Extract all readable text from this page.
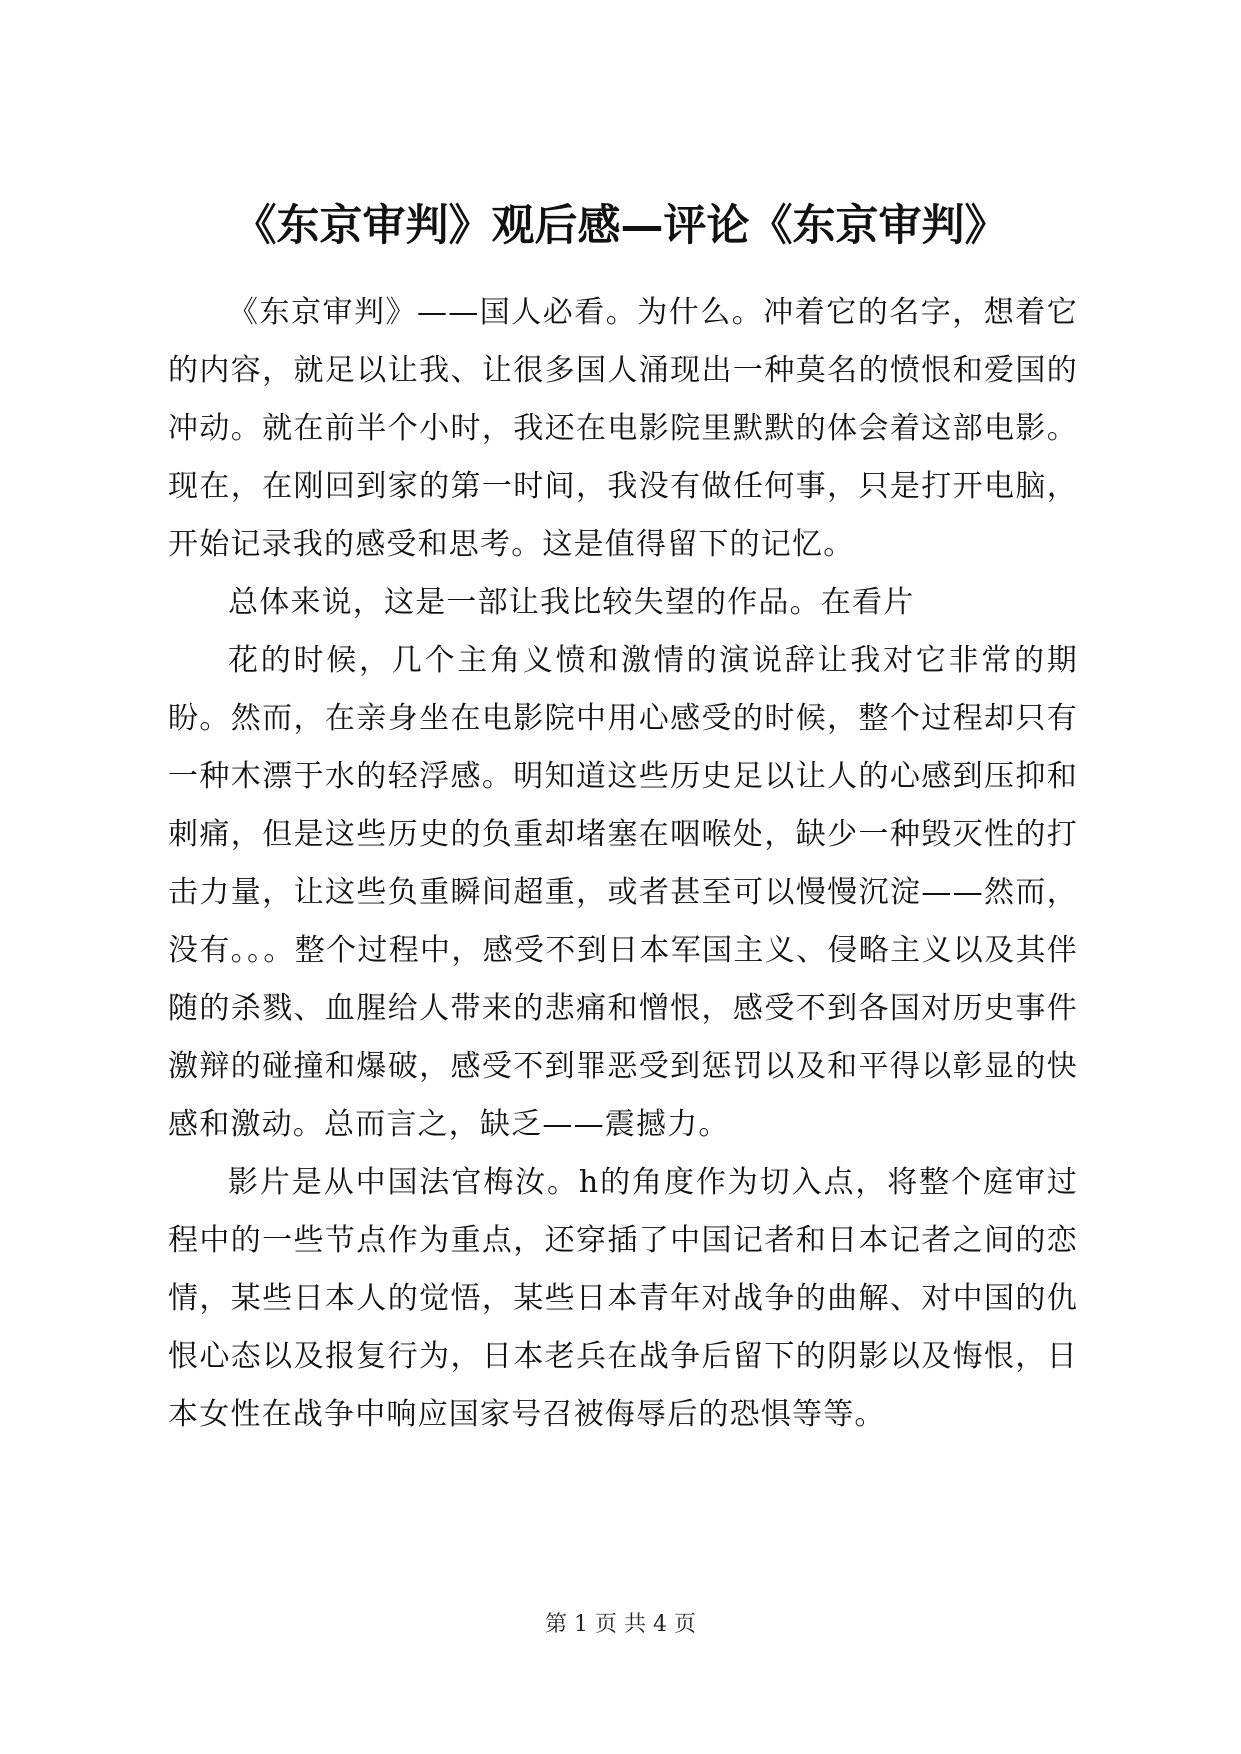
《东京审判》观后感—评论《东京审判》

《东京审判》——国人必看。为什么。冲着它的名字，想着它的内容，就足以让我、让很多国人涌现出一种莫名的愤恨和爱国的冲动。就在前半个小时，我还在电影院里默默的体会着这部电影。现在，在刚回到家的第一时间，我没有做任何事，只是打开电脑，开始记录我的感受和思考。这是值得留下的记忆。

总体来说，这是一部让我比较失望的作品。在看片

花的时候，几个主角义愤和激情的演说辞让我对它非常的期盼。然而，在亲身坐在电影院中用心感受的时候，整个过程却只有一种木漂于水的轻浮感。明知道这些历史足以让人的心感到压抑和刺痛，但是这些历史的负重却堵塞在咽喉处，缺少一种毁灭性的打击力量，让这些负重瞬间超重，或者甚至可以慢慢沉淀——然而，没有。。。整个过程中，感受不到日本军国主义、侵略主义以及其伴随的杀戮、血腥给人带来的悲痛和憎恨，感受不到各国对历史事件激辩的碰撞和爆破，感受不到罪恶受到惩罚以及和平得以彰显的快感和激动。总而言之，缺乏——震撼力。

影片是从中国法官梅汝。h的角度作为切入点，将整个庭审过程中的一些节点作为重点，还穿插了中国记者和日本记者之间的恋情，某些日本人的觉悟，某些日本青年对战争的曲解、对中国的仇恨心态以及报复行为，日本老兵在战争后留下的阴影以及悔恨，日本女性在战争中响应国家号召被侮辱后的恐惧等等。

第 1 页 共 4 页
